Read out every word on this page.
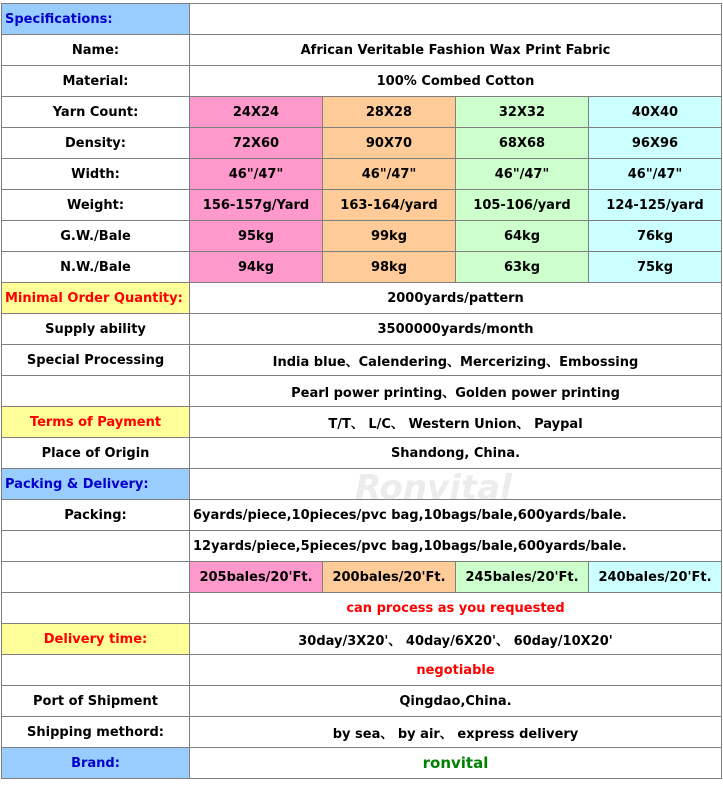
Specifications:				
Name:	African Veritable Fashion Wax Print Fabric			
Material:	100% Combed Cotton			
Yarn Count:	24X24	28X28	32X32	40X40
Density:	72X60	90X70	68X68	96X96
Width:	46"/47"	46"/47"	46"/47"	46"/47"
Weight:	156-157g/Yard	163-164/yard	105-106/yard	124-125/yard
G.W./Bale	95kg	99kg	64kg	76kg
N.W./Bale	94kg	98kg	63kg	75kg
Minimal Order Quantity:	2000yards/pattern			
Supply ability	3500000yards/month			
Special Processing	India blue、Calendering、Mercerizing、Embossing			
	Pearl power printing、Golden power printing			
Terms of Payment	T/T、 L/C、 Western Union、 Paypal			
Place of Origin	Shandong, China.			
Packing & Delivery:				
Packing:	6yards/piece,10pieces/pvc bag,10bags/bale,600yards/bale.			
	12yards/piece,5pieces/pvc bag,10bags/bale,600yards/bale.			
	205bales/20'Ft.	200bales/20'Ft.	245bales/20'Ft.	240bales/20'Ft.
	can process as you requested			
Delivery time:	30day/3X20'、 40day/6X20'、 60day/10X20'			
	negotiable			
Port of Shipment	Qingdao,China.			
Shipping methord:	by sea、 by air、 express delivery			
Brand:	ronvital			
Ronvital
